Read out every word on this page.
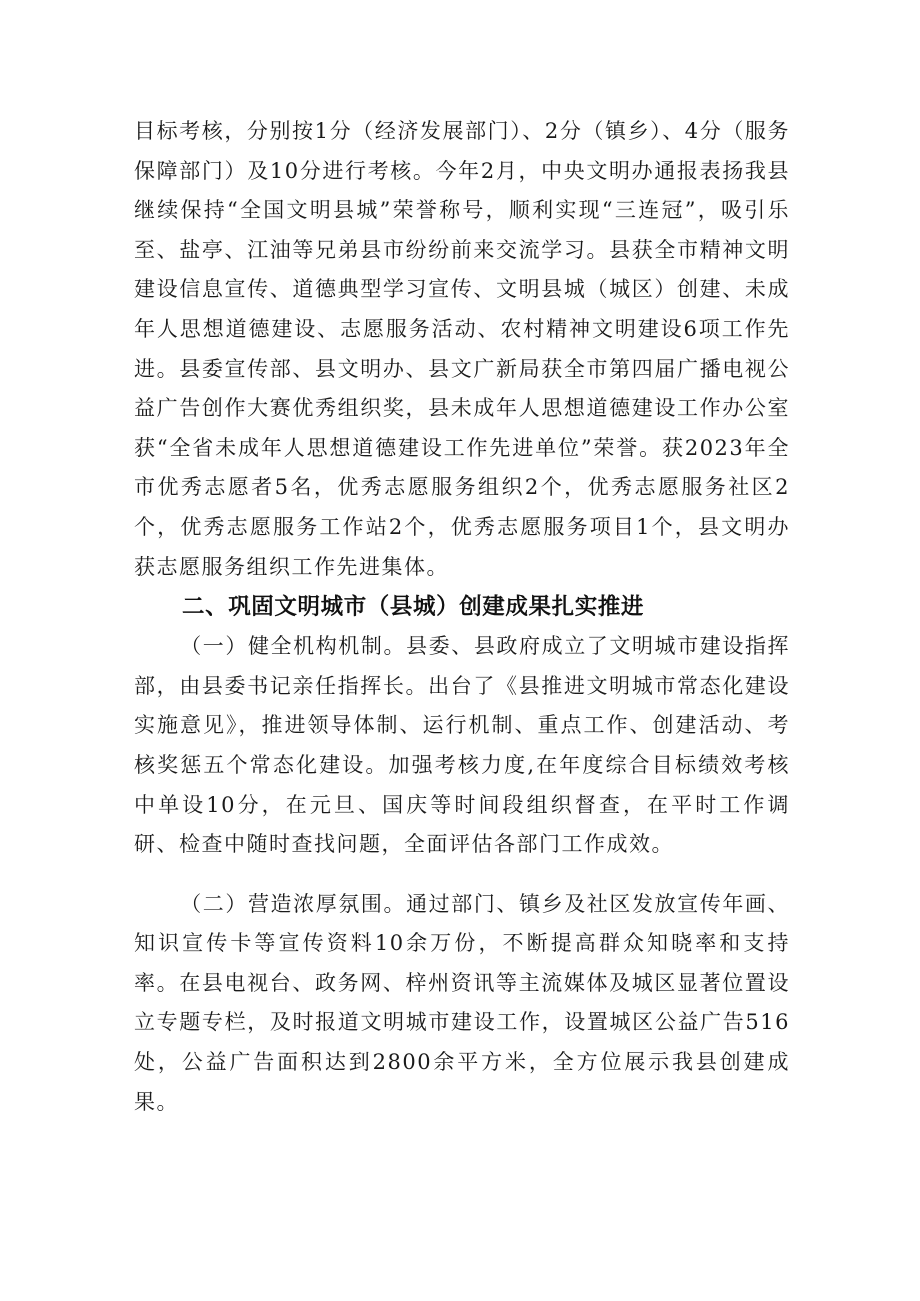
目标考核，分别按1分（经济发展部门）、2分（镇乡）、4分（服务保障部门）及10分进行考核。今年2月，中央文明办通报表扬我县继续保持“全国文明县城”荣誉称号，顺利实现“三连冠”，吸引乐至、盐亭、江油等兄弟县市纷纷前来交流学习。县获全市精神文明建设信息宣传、道德典型学习宣传、文明县城（城区）创建、未成年人思想道德建设、志愿服务活动、农村精神文明建设6项工作先进。县委宣传部、县文明办、县文广新局获全市第四届广播电视公益广告创作大赛优秀组织奖，县未成年人思想道德建设工作办公室获“全省未成年人思想道德建设工作先进单位”荣誉。获2023年全市优秀志愿者5名，优秀志愿服务组织2个，优秀志愿服务社区2个，优秀志愿服务工作站2个，优秀志愿服务项目1个，县文明办获志愿服务组织工作先进集体。

二、巩固文明城市（县城）创建成果扎实推进

（一）健全机构机制。县委、县政府成立了文明城市建设指挥部，由县委书记亲任指挥长。出台了《县推进文明城市常态化建设实施意见》，推进领导体制、运行机制、重点工作、创建活动、考核奖惩五个常态化建设。加强考核力度,在年度综合目标绩效考核中单设10分，在元旦、国庆等时间段组织督查，在平时工作调研、检查中随时查找问题，全面评估各部门工作成效。

（二）营造浓厚氛围。通过部门、镇乡及社区发放宣传年画、知识宣传卡等宣传资料10余万份，不断提高群众知晓率和支持率。在县电视台、政务网、梓州资讯等主流媒体及城区显著位置设立专题专栏，及时报道文明城市建设工作，设置城区公益广告516处，公益广告面积达到2800余平方米，全方位展示我县创建成果。
